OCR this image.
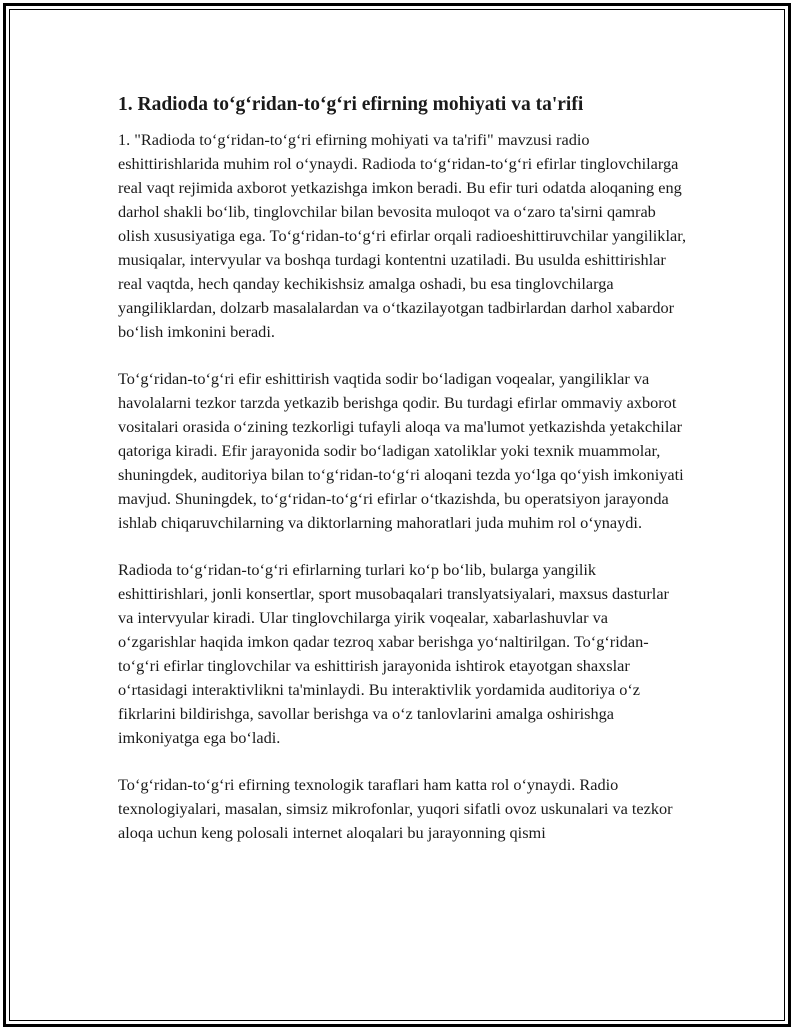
1. Radioda to‘g‘ridan-to‘g‘ri efirning mohiyati va ta'rifi

1. "Radioda to‘g‘ridan-to‘g‘ri efirning mohiyati va ta'rifi" mavzusi radio eshittirishlarida muhim rol o‘ynaydi. Radioda to‘g‘ridan-to‘g‘ri efirlar tinglovchilarga real vaqt rejimida axborot yetkazishga imkon beradi. Bu efir turi odatda aloqaning eng darhol shakli bo‘lib, tinglovchilar bilan bevosita muloqot va o‘zaro ta'sirni qamrab olish xususiyatiga ega. To‘g‘ridan-to‘g‘ri efirlar orqali radioeshittiruvchilar yangiliklar, musiqalar, intervyular va boshqa turdagi kontentni uzatiladi. Bu usulda eshittirishlar real vaqtda, hech qanday kechikishsiz amalga oshadi, bu esa tinglovchilarga yangiliklardan, dolzarb masalalardan va o‘tkazilayotgan tadbirlardan darhol xabardor bo‘lish imkonini beradi.

To‘g‘ridan-to‘g‘ri efir eshittirish vaqtida sodir bo‘ladigan voqealar, yangiliklar va havolalarni tezkor tarzda yetkazib berishga qodir. Bu turdagi efirlar ommaviy axborot vositalari orasida o‘zining tezkorligi tufayli aloqa va ma'lumot yetkazishda yetakchilar qatoriga kiradi. Efir jarayonida sodir bo‘ladigan xatoliklar yoki texnik muammolar, shuningdek, auditoriya bilan to‘g‘ridan-to‘g‘ri aloqani tezda yo‘lga qo‘yish imkoniyati mavjud. Shuningdek, to‘g‘ridan-to‘g‘ri efirlar o‘tkazishda, bu operatsiyon jarayonda ishlab chiqaruvchilarning va diktorlarning mahoratlari juda muhim rol o‘ynaydi.

Radioda to‘g‘ridan-to‘g‘ri efirlarning turlari ko‘p bo‘lib, bularga yangilik eshittirishlari, jonli konsertlar, sport musobaqalari translyatsiyalari, maxsus dasturlar va intervyular kiradi. Ular tinglovchilarga yirik voqealar, xabarlashuvlar va o‘zgarishlar haqida imkon qadar tezroq xabar berishga yo‘naltirilgan. To‘g‘ridan-to‘g‘ri efirlar tinglovchilar va eshittirish jarayonida ishtirok etayotgan shaxslar o‘rtasidagi interaktivlikni ta'minlaydi. Bu interaktivlik yordamida auditoriya o‘z fikrlarini bildirishga, savollar berishga va o‘z tanlovlarini amalga oshirishga imkoniyatga ega bo‘ladi.

To‘g‘ridan-to‘g‘ri efirning texnologik taraflari ham katta rol o‘ynaydi. Radio texnologiyalari, masalan, simsiz mikrofonlar, yuqori sifatli ovoz uskunalari va tezkor aloqa uchun keng polosali internet aloqalari bu jarayonning qismi
